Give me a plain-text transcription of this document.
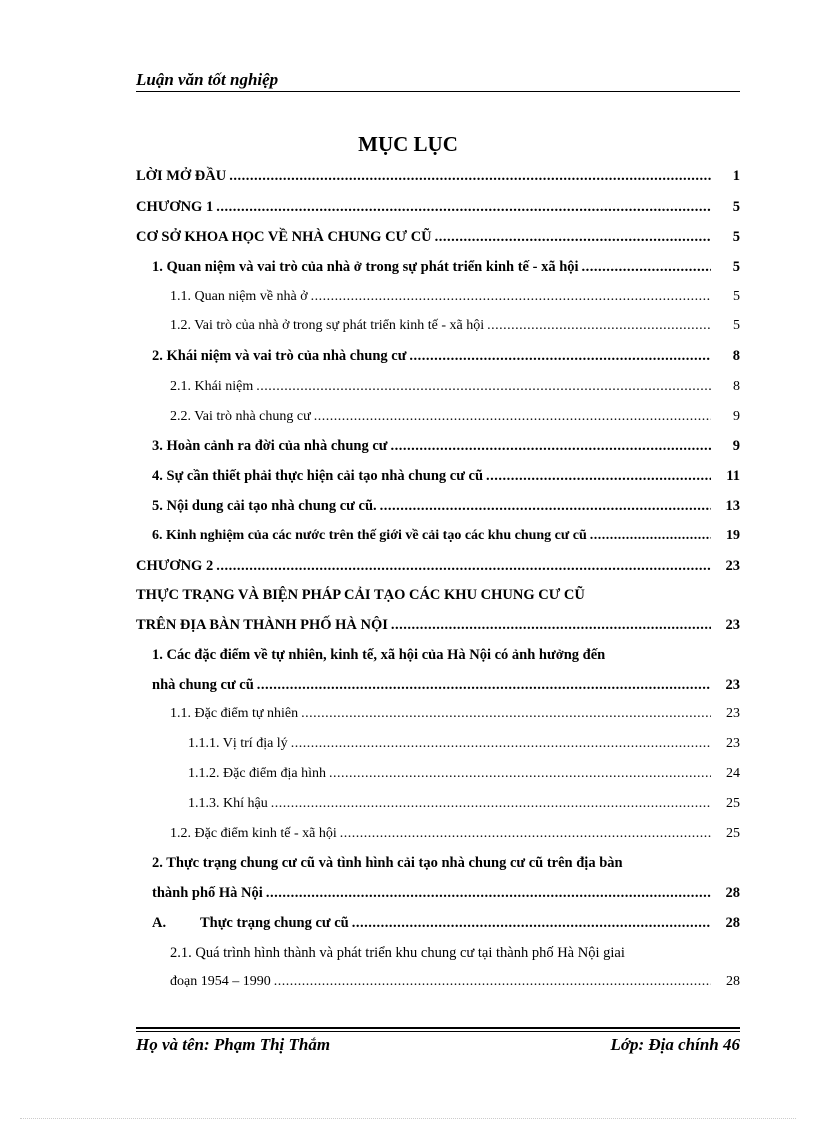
Luận văn tốt nghiệp
MỤC LỤC
LỜI MỞ ĐẦU .....	1
CHƯƠNG 1 .....	5
CƠ SỞ KHOA HỌC VỀ NHÀ CHUNG CƯ CŨ .....	5
1. Quan niệm và vai trò của nhà ở trong sự phát triển kinh tế - xã hội .....	5
1.1. Quan niệm về nhà ở .....	5
1.2. Vai trò của nhà ở trong sự phát triển kinh tế - xã hội .....	5
2. Khái niệm và vai trò của nhà chung cư .....	8
2.1. Khái niệm .....	8
2.2. Vai trò nhà chung cư .....	9
3. Hoàn cảnh ra đời của nhà chung cư .....	9
4. Sự cần thiết phải thực hiện cải tạo nhà chung cư cũ .....	11
5. Nội dung cải tạo nhà chung cư cũ. .....	13
6. Kinh nghiệm của các nước trên thế giới về cải tạo các khu chung cư cũ .....	19
CHƯƠNG 2 .....	23
THỰC TRẠNG VÀ BIỆN PHÁP CẢI TẠO CÁC KHU CHUNG CƯ CŨ
TRÊN ĐỊA BÀN THÀNH PHỐ HÀ NỘI .....	23
1. Các đặc điểm về tự nhiên, kinh tế, xã hội của Hà Nội có ảnh hưởng đến
nhà chung cư cũ .....	23
1.1. Đặc điểm tự nhiên .....	23
1.1.1. Vị trí địa lý .....	23
1.1.2. Đặc điểm địa hình .....	24
1.1.3. Khí hậu .....	25
1.2. Đặc điểm kinh tế - xã hội .....	25
2. Thực trạng chung cư cũ và tình hình cải tạo nhà chung cư cũ trên địa bàn
thành phố Hà Nội .....	28
A. Thực trạng chung cư cũ .....	28
2.1. Quá trình hình thành và phát triển khu chung cư tại thành phố Hà Nội giai
đoạn 1954 – 1990 .....	28
Họ và tên: Phạm Thị Thắm	Lớp: Địa chính 46
